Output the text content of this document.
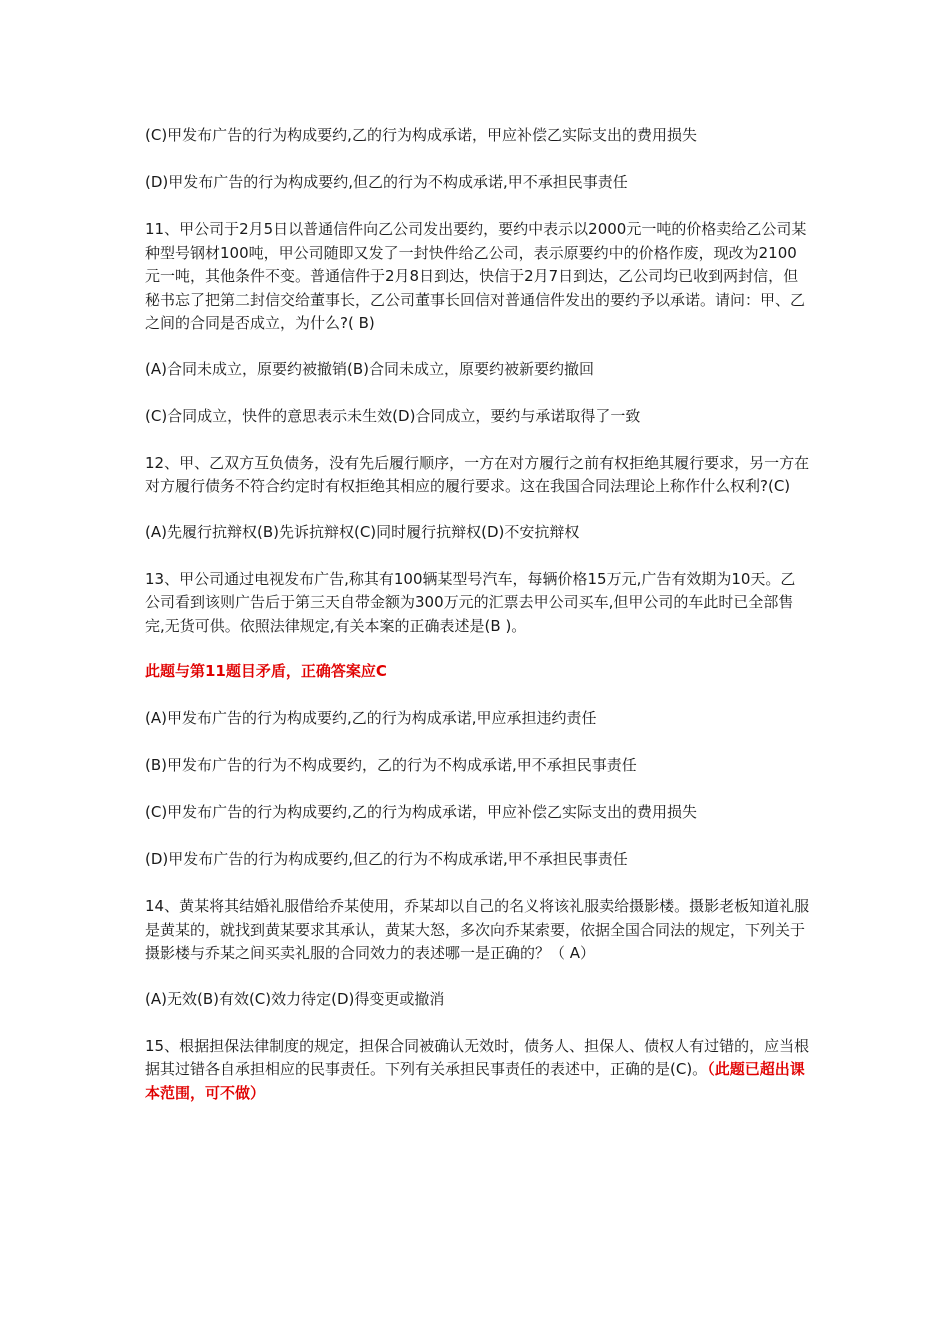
(C)甲发布广告的行为构成要约,乙的行为构成承诺，甲应补偿乙实际支出的费用损失

(D)甲发布广告的行为构成要约,但乙的行为不构成承诺,甲不承担民事责任

11、甲公司于2月5日以普通信件向乙公司发出要约，要约中表示以2000元一吨的价格卖给乙公司某种型号钢材100吨，甲公司随即又发了一封快件给乙公司，表示原要约中的价格作废，现改为2100元一吨，其他条件不变。普通信件于2月8日到达，快信于2月7日到达，乙公司均已收到两封信，但秘书忘了把第二封信交给董事长，乙公司董事长回信对普通信件发出的要约予以承诺。请问：甲、乙之间的合同是否成立，为什么?( B)

(A)合同未成立，原要约被撤销(B)合同未成立，原要约被新要约撤回

(C)合同成立，快件的意思表示未生效(D)合同成立，要约与承诺取得了一致

12、甲、乙双方互负债务，没有先后履行顺序，一方在对方履行之前有权拒绝其履行要求，另一方在对方履行债务不符合约定时有权拒绝其相应的履行要求。这在我国合同法理论上称作什么权利?(C)

(A)先履行抗辩权(B)先诉抗辩权(C)同时履行抗辩权(D)不安抗辩权

13、甲公司通过电视发布广告,称其有100辆某型号汽车，每辆价格15万元,广告有效期为10天。乙公司看到该则广告后于第三天自带金额为300万元的汇票去甲公司买车,但甲公司的车此时已全部售完,无货可供。依照法律规定,有关本案的正确表述是(B )。

此题与第11题目矛盾，正确答案应C

(A)甲发布广告的行为构成要约,乙的行为构成承诺,甲应承担违约责任

(B)甲发布广告的行为不构成要约，乙的行为不构成承诺,甲不承担民事责任

(C)甲发布广告的行为构成要约,乙的行为构成承诺，甲应补偿乙实际支出的费用损失

(D)甲发布广告的行为构成要约,但乙的行为不构成承诺,甲不承担民事责任

14、黄某将其结婚礼服借给乔某使用，乔某却以自己的名义将该礼服卖给摄影楼。摄影老板知道礼服是黄某的，就找到黄某要求其承认，黄某大怒，多次向乔某索要，依据全国合同法的规定，下列关于摄影楼与乔某之间买卖礼服的合同效力的表述哪一是正确的？（ A）

(A)无效(B)有效(C)效力待定(D)得变更或撤消

15、根据担保法律制度的规定，担保合同被确认无效时，债务人、担保人、债权人有过错的，应当根据其过错各自承担相应的民事责任。下列有关承担民事责任的表述中，正确的是(C)。（此题已超出课本范围，可不做）
